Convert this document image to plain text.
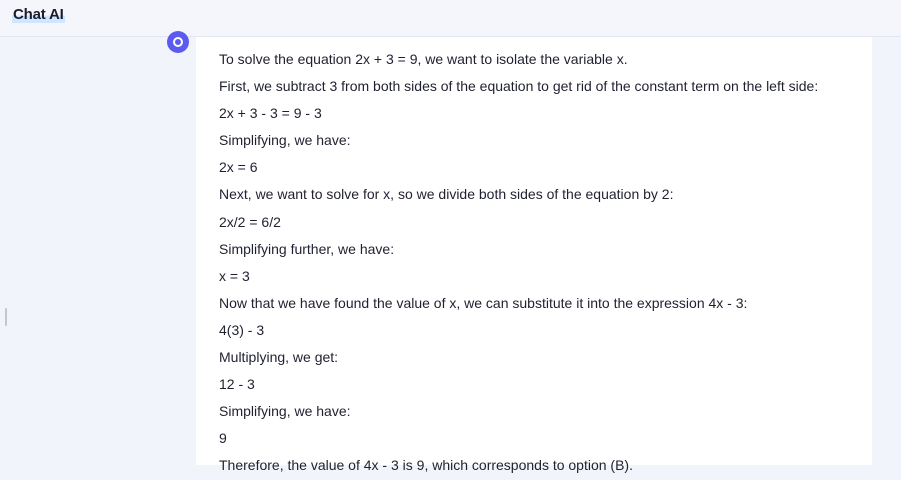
Chat AI
To solve the equation 2x + 3 = 9, we want to isolate the variable x.
First, we subtract 3 from both sides of the equation to get rid of the constant term on the left side:
2x + 3 - 3 = 9 - 3
Simplifying, we have:
2x = 6
Next, we want to solve for x, so we divide both sides of the equation by 2:
2x/2 = 6/2
Simplifying further, we have:
x = 3
Now that we have found the value of x, we can substitute it into the expression 4x - 3:
4(3) - 3
Multiplying, we get:
12 - 3
Simplifying, we have:
9
Therefore, the value of 4x - 3 is 9, which corresponds to option (B).
